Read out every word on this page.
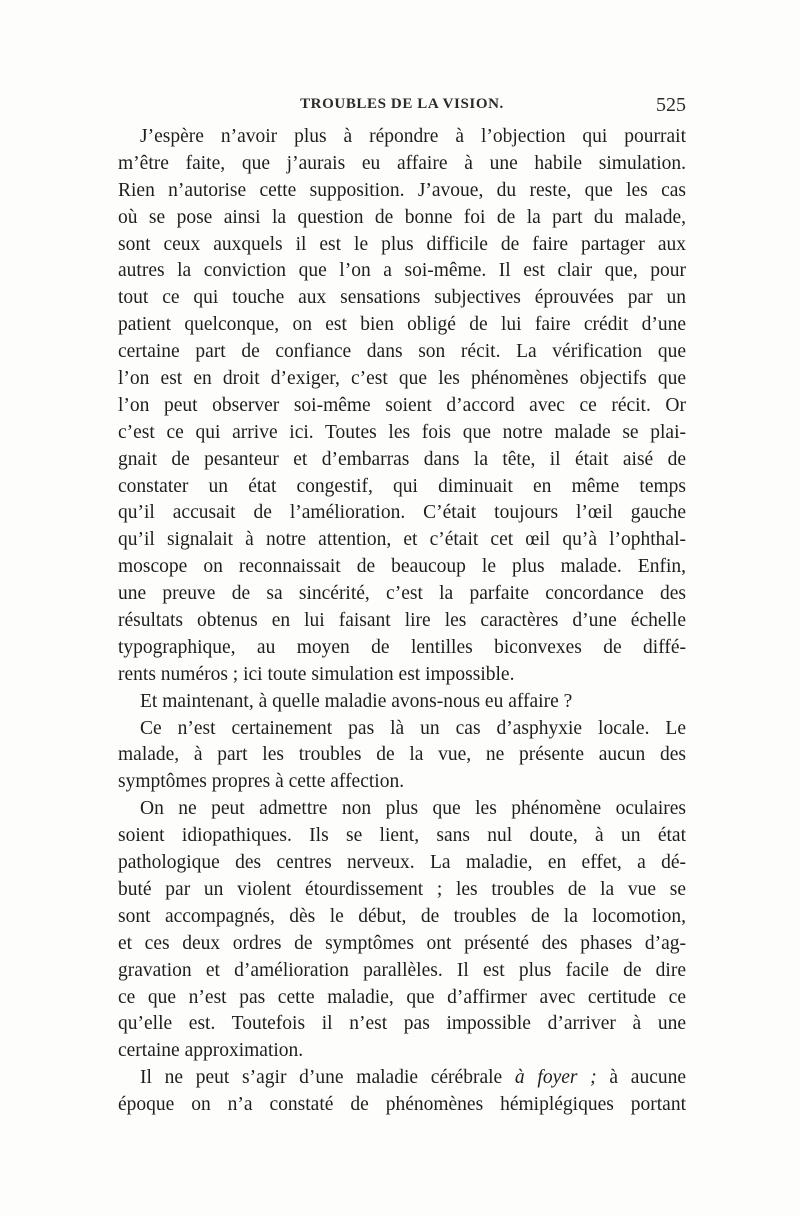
TROUBLES DE LA VISION.	525
J’espère n’avoir plus à répondre à l’objection qui pourrait
m’être faite, que j’aurais eu affaire à une habile simulation.
Rien n’autorise cette supposition. J’avoue, du reste, que les cas
où se pose ainsi la question de bonne foi de la part du malade,
sont ceux auxquels il est le plus difficile de faire partager aux
autres la conviction que l’on a soi-même. Il est clair que, pour
tout ce qui touche aux sensations subjectives éprouvées par un
patient quelconque, on est bien obligé de lui faire crédit d’une
certaine part de confiance dans son récit. La vérification que
l’on est en droit d’exiger, c’est que les phénomènes objectifs que
l’on peut observer soi-même soient d’accord avec ce récit. Or
c’est ce qui arrive ici. Toutes les fois que notre malade se plai-
gnait de pesanteur et d’embarras dans la tête, il était aisé de
constater un état congestif, qui diminuait en même temps
qu’il accusait de l’amélioration. C’était toujours l’œil gauche
qu’il signalait à notre attention, et c’était cet œil qu’à l’ophthal-
moscope on reconnaissait de beaucoup le plus malade. Enfin,
une preuve de sa sincérité, c’est la parfaite concordance des
résultats obtenus en lui faisant lire les caractères d’une échelle
typographique, au moyen de lentilles biconvexes de diffé-
rents numéros ; ici toute simulation est impossible.
Et maintenant, à quelle maladie avons-nous eu affaire ?
Ce n’est certainement pas là un cas d’asphyxie locale. Le
malade, à part les troubles de la vue, ne présente aucun des
symptômes propres à cette affection.
On ne peut admettre non plus que les phénomène oculaires
soient idiopathiques. Ils se lient, sans nul doute, à un état
pathologique des centres nerveux. La maladie, en effet, a dé-
buté par un violent étourdissement ; les troubles de la vue se
sont accompagnés, dès le début, de troubles de la locomotion,
et ces deux ordres de symptômes ont présenté des phases d’ag-
gravation et d’amélioration parallèles. Il est plus facile de dire
ce que n’est pas cette maladie, que d’affirmer avec certitude ce
qu’elle est. Toutefois il n’est pas impossible d’arriver à une
certaine approximation.
Il ne peut s’agir d’une maladie cérébrale à foyer ; à aucune
époque on n’a constaté de phénomènes hémiplégiques portant
